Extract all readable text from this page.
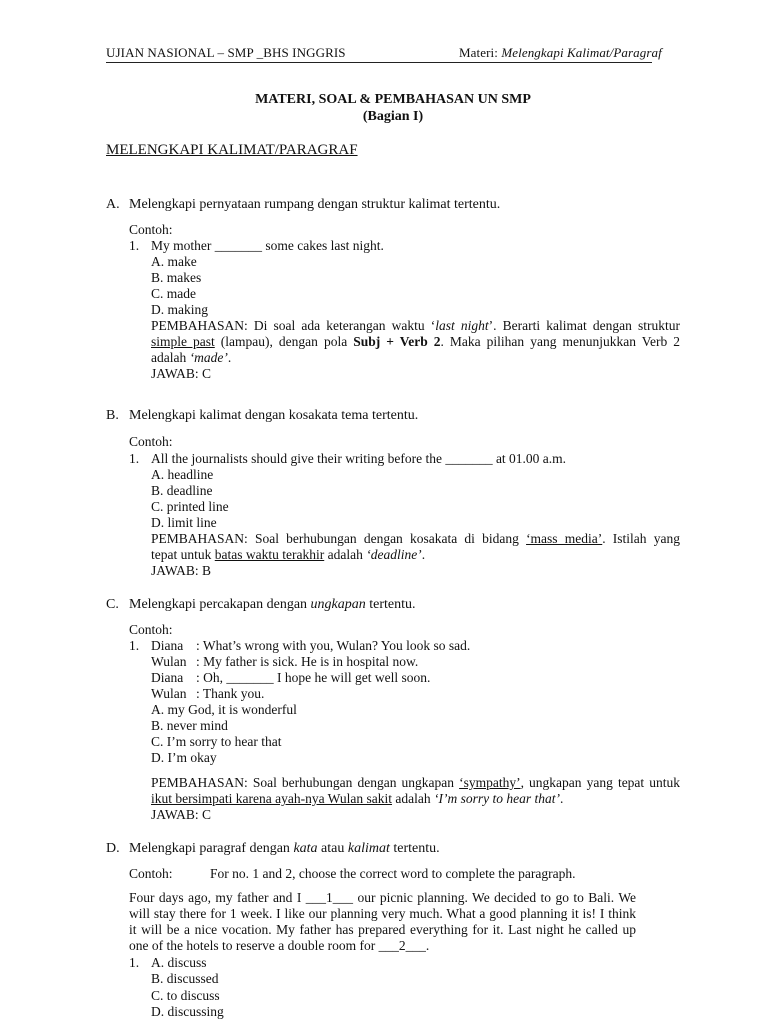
UJIAN NASIONAL – SMP _BHS INGGRIS	Materi: Melengkapi Kalimat/Paragraf
MATERI, SOAL & PEMBAHASAN UN SMP
(Bagian I)
MELENGKAPI KALIMAT/PARAGRAF
A. Melengkapi pernyataan rumpang dengan struktur kalimat tertentu.
Contoh:
1. My mother _______ some cakes last night.
A. make
B. makes
C. made
D. making
PEMBAHASAN: Di soal ada keterangan waktu ‘last night’. Berarti kalimat dengan struktur
simple past (lampau), dengan pola Subj + Verb 2. Maka pilihan yang menunjukkan Verb 2
adalah ‘made’.
JAWAB: C
B. Melengkapi kalimat dengan kosakata tema tertentu.
Contoh:
1. All the journalists should give their writing before the _______ at 01.00 a.m.
A. headline
B. deadline
C. printed line
D. limit line
PEMBAHASAN: Soal berhubungan dengan kosakata di bidang ‘mass media’. Istilah yang
tepat untuk batas waktu terakhir adalah ‘deadline’.
JAWAB: B
C. Melengkapi percakapan dengan ungkapan tertentu.
Contoh:
1. Diana : What’s wrong with you, Wulan? You look so sad.
Wulan : My father is sick. He is in hospital now.
Diana : Oh, _______ I hope he will get well soon.
Wulan : Thank you.
A. my God, it is wonderful
B. never mind
C. I’m sorry to hear that
D. I’m okay
PEMBAHASAN: Soal berhubungan dengan ungkapan ‘sympathy’, ungkapan yang tepat untuk
ikut bersimpati karena ayah-nya Wulan sakit adalah ‘I’m sorry to hear that’.
JAWAB: C
D. Melengkapi paragraf dengan kata atau kalimat tertentu.
Contoh:	For no. 1 and 2, choose the correct word to complete the paragraph.
Four days ago, my father and I ___1___ our picnic planning. We decided to go to Bali. We
will stay there for 1 week. I like our planning very much. What a good planning it is! I think
it will be a nice vocation. My father has prepared everything for it. Last night he called up
one of the hotels to reserve a double room for ___2___.
1. A. discuss
B. discussed
C. to discuss
D. discussing
